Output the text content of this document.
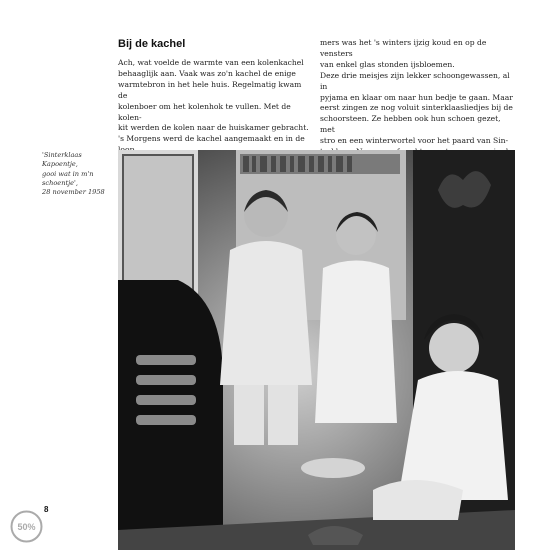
Bij de kachel

Ach, wat voelde de warmte van een kolenkachel

behaaglijk aan. Vaak was zo'n kachel de enige

warmtebron in het hele huis. Regelmatig kwam de

kolenboer om het kolenhok te vullen. Met de kolen-

kit werden de kolen naar de huiskamer gebracht.

's Morgens werd de kachel aangemaakt en in de

mers was het 's winters ijzig koud en op de vensters

van enkel glas stonden ijsbloemen.

Deze drie meisjes zijn lekker schoongewassen, al in

pyjama en klaar om naar hun bedje te gaan. Maar

eerst zingen ze nog voluit sinterklaasliedjes bij de

schoorsteen. Ze hebben ook hun schoen gezet, met

stro en een winterwortel voor het paard van Sin-

'Sinterklaas Kapoentje,

gooi wat in m'n

schoentje',

28 november 1958

8
50%
